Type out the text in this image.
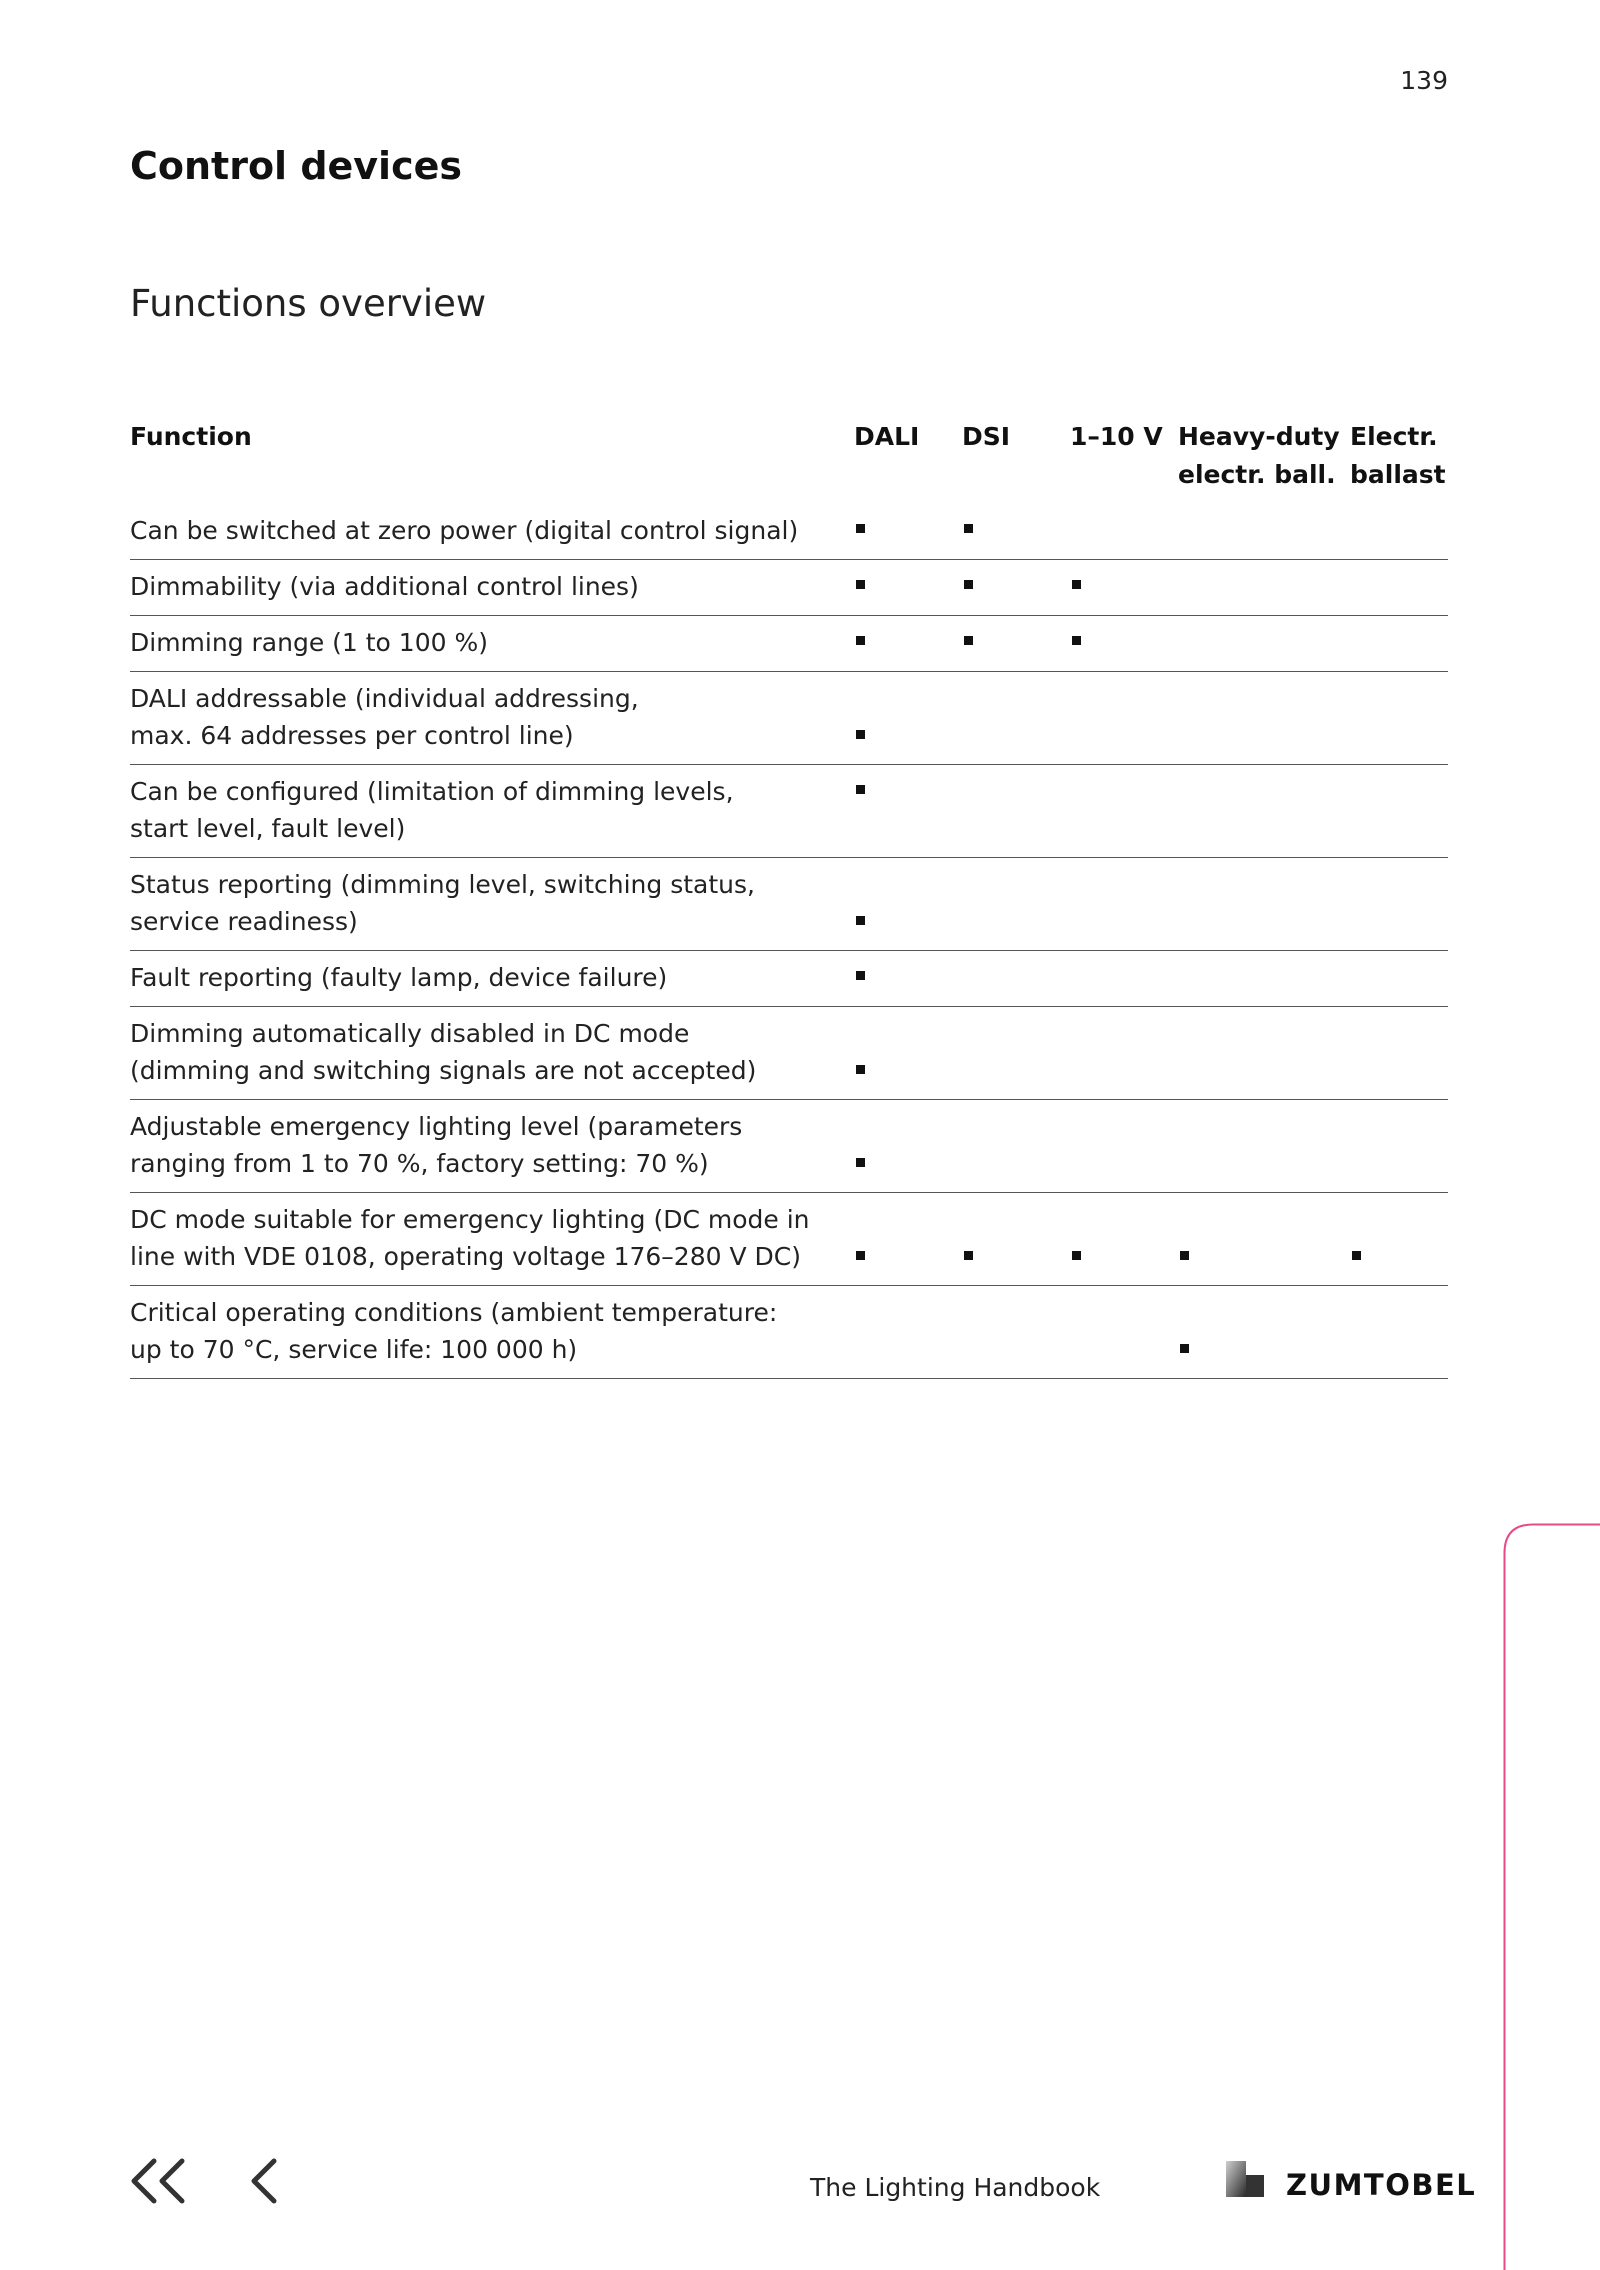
139
Control devices
Functions overview
Function	DALI DSI 1–10 V Heavy-duty
electr. ball.
Electr.
ballast
Can be switched at zero power (digital control signal)
Dimmability (via additional control lines)
Dimming range (1 to 100 %)
DALI addressable (individual addressing,
max. 64 addresses per control line)
Can be configured (limitation of dimming levels,
start level, fault level)
Status reporting (dimming level, switching status,
service readiness)
Fault reporting (faulty lamp, device failure)
Dimming automatically disabled in DC mode
(dimming and switching signals are not accepted)
Adjustable emergency lighting level (parameters
ranging from 1 to 70 %, factory setting: 70 %)
DC mode suitable for emergency lighting (DC mode in
line with VDE 0108, operating voltage 176–280 V DC)
Critical operating conditions (ambient temperature:
up to 70 °C, service life: 100 000 h)
The Lighting Handbook	ZUMTOBEL
